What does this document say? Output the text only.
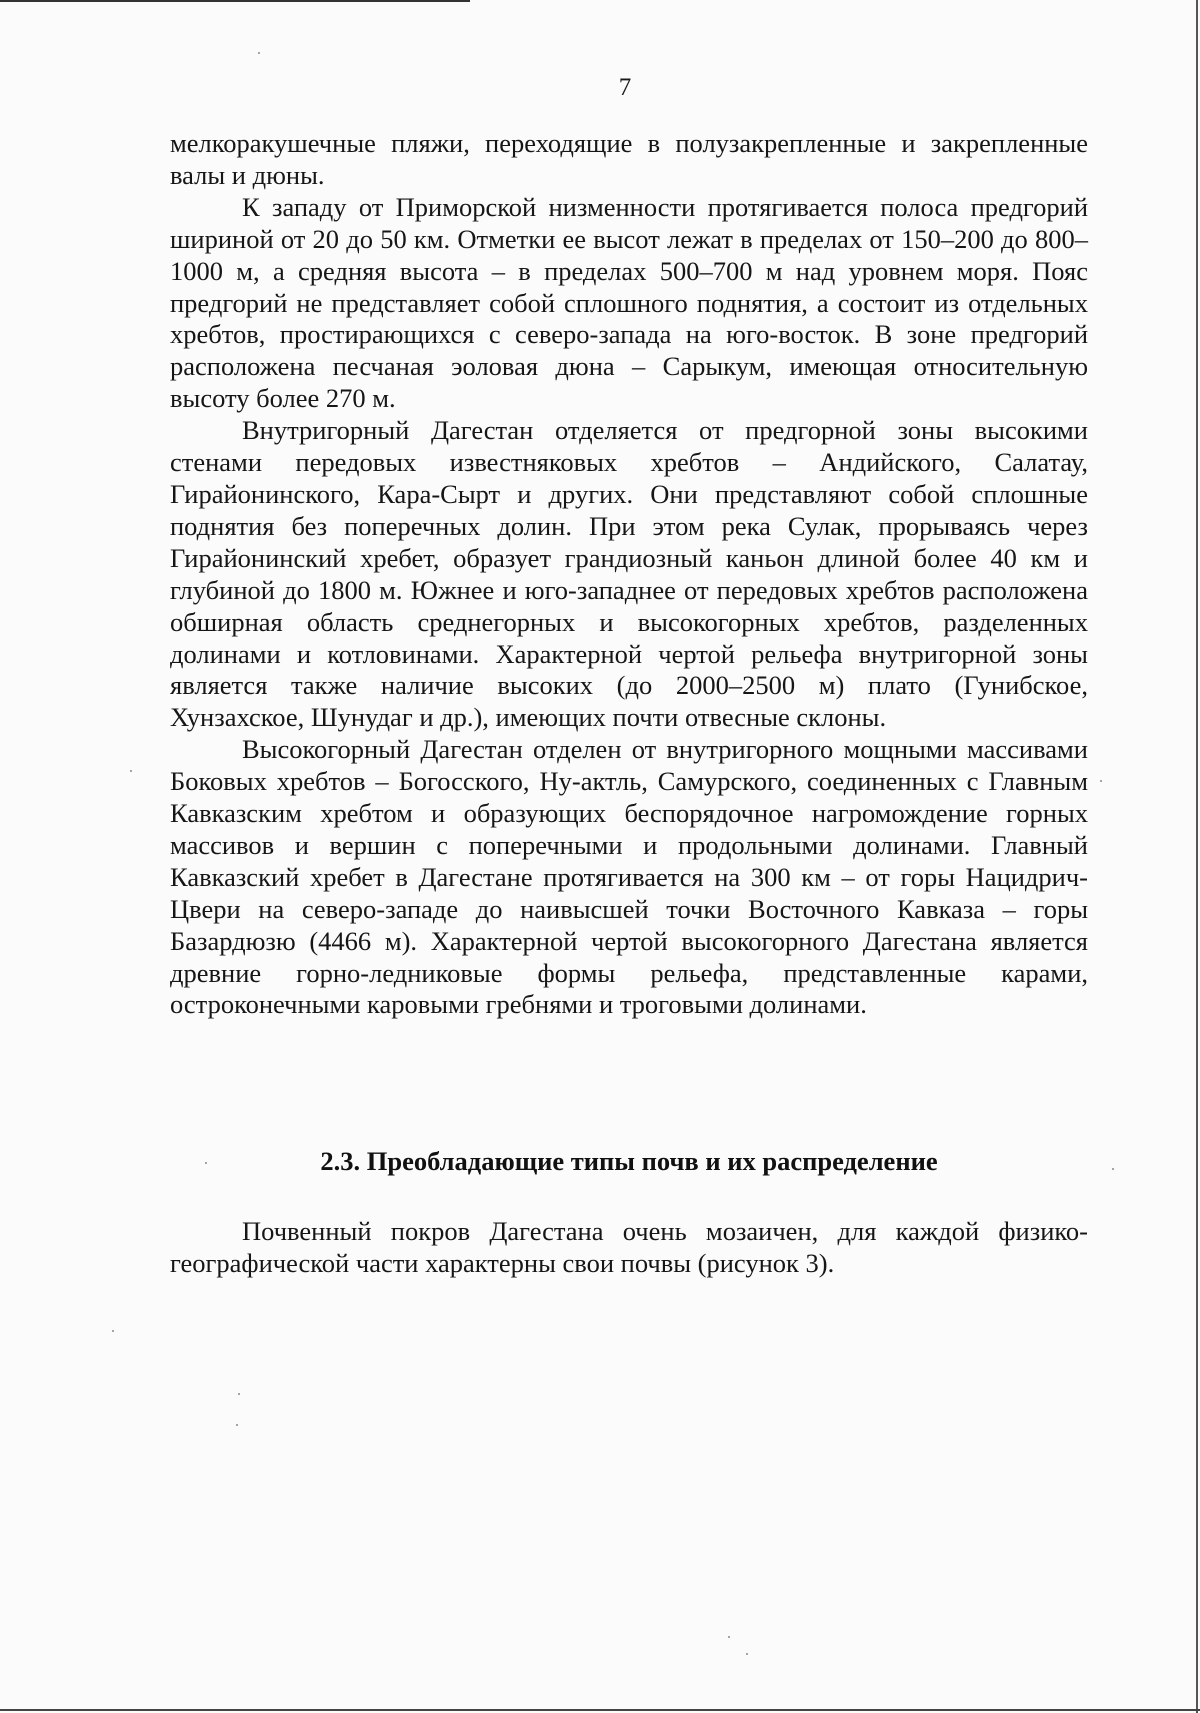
7

мелкоракушечные пляжи, переходящие в полузакрепленные и закрепленные валы и дюны.

К западу от Приморской низменности протягивается полоса предгорий шириной от 20 до 50 км. Отметки ее высот лежат в пределах от 150–200 до 800–1000 м, а средняя высота – в пределах 500–700 м над уровнем моря. Пояс предгорий не представляет собой сплошного поднятия, а состоит из отдельных хребтов, простирающихся с северо-запада на юго-восток. В зоне предгорий расположена песчаная эоловая дюна – Сарыкум, имеющая относительную высоту более 270 м.

Внутригорный Дагестан отделяется от предгорной зоны высокими стенами передовых известняковых хребтов – Андийского, Салатау, Гирайонинского, Кара-Сырт и других. Они представляют собой сплошные поднятия без поперечных долин. При этом река Сулак, прорываясь через Гирайонинский хребет, образует грандиозный каньон длиной более 40 км и глубиной до 1800 м. Южнее и юго-западнее от передовых хребтов расположена обширная область среднегорных и высокогорных хребтов, разделенных долинами и котловинами. Характерной чертой рельефа внутригорной зоны является также наличие высоких (до 2000–2500 м) плато (Гунибское, Хунзахское, Шунудаг и др.), имеющих почти отвесные склоны.

Высокогорный Дагестан отделен от внутригорного мощными массивами Боковых хребтов – Богосского, Ну-актль, Самурского, соединенных с Главным Кавказским хребтом и образующих беспорядочное нагромождение горных массивов и вершин с поперечными и продольными долинами. Главный Кавказский хребет в Дагестане протягивается на 300 км – от горы Нацидрич-Цвери на северо-западе до наивысшей точки Восточного Кавказа – горы Базардюзю (4466 м). Характерной чертой высокогорного Дагестана является древние горно-ледниковые формы рельефа, представленные карами, остроконечными каровыми гребнями и троговыми долинами.

2.3. Преобладающие типы почв и их распределение

Почвенный покров Дагестана очень мозаичен, для каждой физико-географической части характерны свои почвы (рисунок 3).
